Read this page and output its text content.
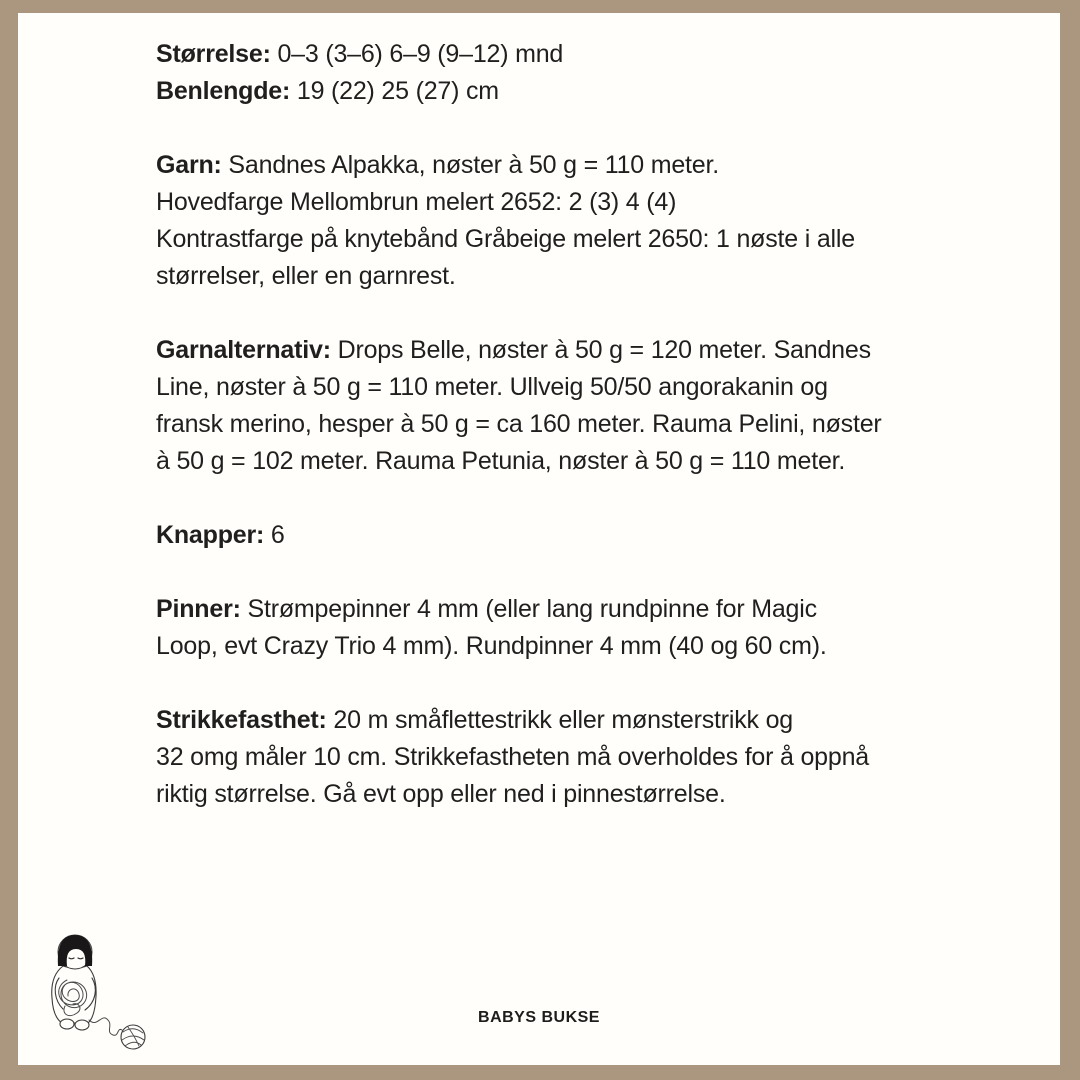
Størrelse: 0–3 (3–6) 6–9 (9–12) mnd
Benlengde: 19 (22) 25 (27) cm
Garn: Sandnes Alpakka, nøster à 50 g = 110 meter.
Hovedfarge Mellombrun melert 2652: 2 (3) 4 (4)
Kontrastfarge på knytebånd Gråbeige melert 2650: 1 nøste i alle
størrelser, eller en garnrest.
Garnalternativ: Drops Belle, nøster à 50 g = 120 meter. Sandnes
Line, nøster à 50 g = 110 meter. Ullveig 50/50 angorakanin og
fransk merino, hesper à 50 g = ca 160 meter. Rauma Pelini, nøster
à 50 g = 102 meter. Rauma Petunia, nøster à 50 g = 110 meter.
Knapper: 6
Pinner: Strømpepinner 4 mm (eller lang rundpinne for Magic
Loop, evt Crazy Trio 4 mm). Rundpinner 4 mm (40 og 60 cm).
Strikkefasthet: 20 m småflettestrikk eller mønsterstrikk og
32 omg måler 10 cm. Strikkefastheten må overholdes for å oppnå
riktig størrelse. Gå evt opp eller ned i pinnestørrelse.
BABYS BUKSE
